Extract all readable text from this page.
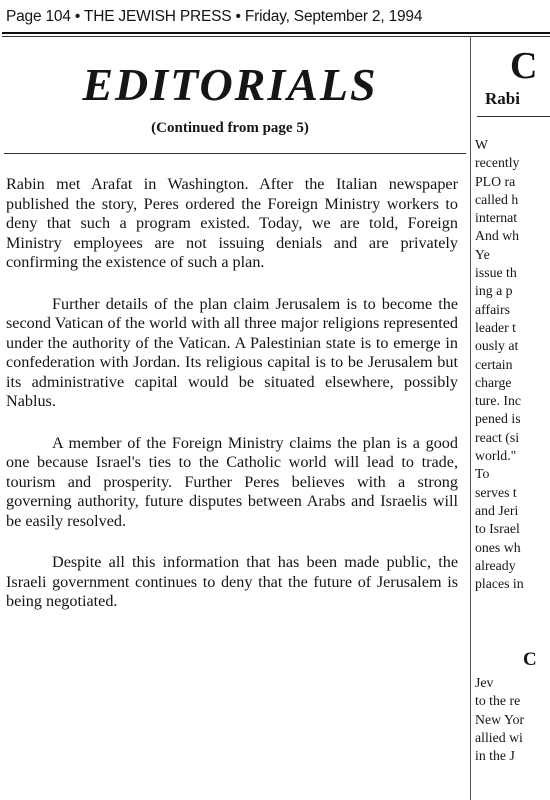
Page 104 • THE JEWISH PRESS • Friday, September 2, 1994
EDITORIALS
(Continued from page 5)

Rabin met Arafat in Washington. After the Italian newspaper published the story, Peres ordered the Foreign Ministry workers to deny that such a program existed. Today, we are told, Foreign Ministry employees are not issuing denials and are privately confirming the existence of such a plan.

Further details of the plan claim Jerusalem is to become the second Vatican of the world with all three major religions represented under the authority of the Vatican. A Palestinian state is to emerge in confederation with Jordan. Its religious capital is to be Jerusalem but its administrative capital would be situated elsewhere, possibly Nablus.

A member of the Foreign Ministry claims the plan is a good one because Israel's ties to the Catholic world will lead to trade, tourism and prosperity. Further Peres believes with a strong governing authority, future disputes between Arabs and Israelis will be easily resolved.

Despite all this information that has been made public, the Israeli government continues to deny that the future of Jerusalem is being negotiated.

C
Rabi
W
recently
PLO ra
called h
internat
And wh
Ye
issue th
ing a p
affairs
leader t
ously at
certain
charge
ture. Inc
pened is
react (si
world."
To
serves t
and Jeri
to Israel
ones wh
already
places in
C
Jev
to the re
New Yor
allied wi
in the J
